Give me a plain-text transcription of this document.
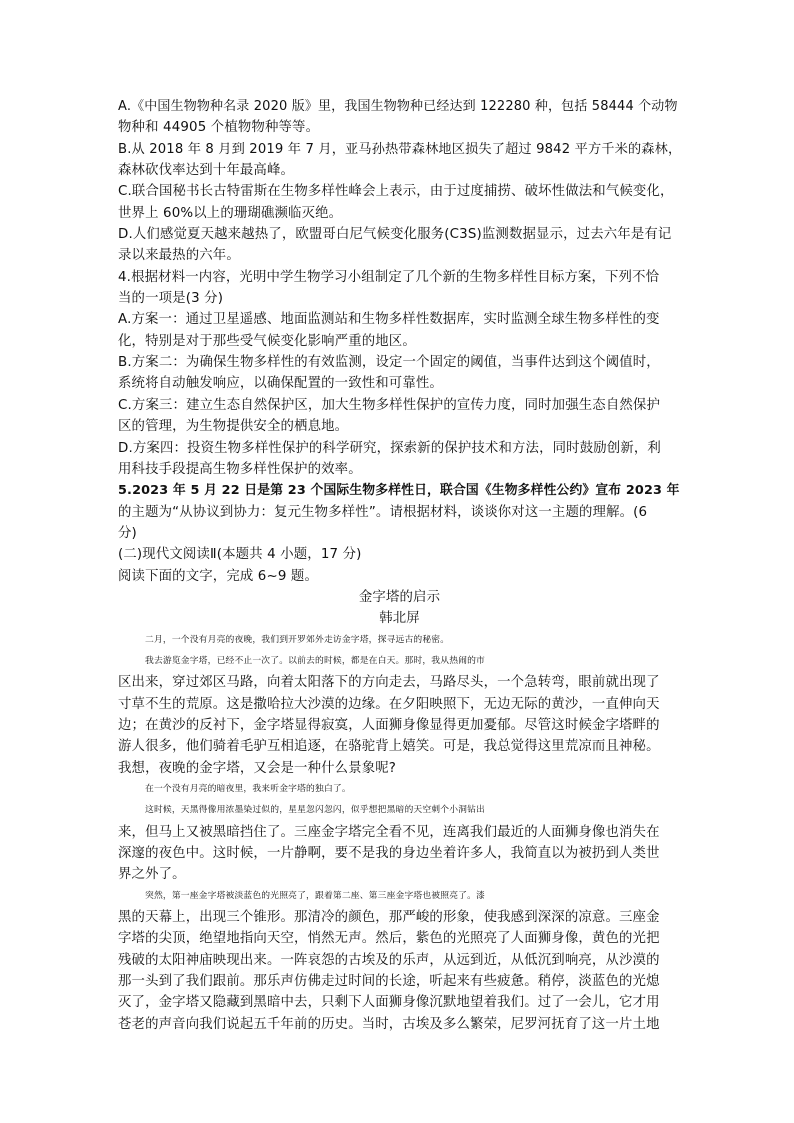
A.《中国生物物种名录 2020 版》里，我国生物物种已经达到 122280 种，包括 58444 个动物
物种和 44905 个植物物种等等。
B.从 2018 年 8 月到 2019 年 7 月，亚马孙热带森林地区损失了超过 9842 平方千米的森林，
森林砍伐率达到十年最高峰。
C.联合国秘书长古特雷斯在生物多样性峰会上表示，由于过度捕捞、破坏性做法和气候变化，
世界上 60%以上的珊瑚礁濒临灭绝。
D.人们感觉夏天越来越热了，欧盟哥白尼气候变化服务(C3S)监测数据显示，过去六年是有记
录以来最热的六年。
4.根据材料一内容，光明中学生物学习小组制定了几个新的生物多样性目标方案，下列不恰
当的一项是(3 分)
A.方案一：通过卫星遥感、地面监测站和生物多样性数据库，实时监测全球生物多样性的变
化，特别是对于那些受气候变化影响严重的地区。
B.方案二：为确保生物多样性的有效监测，设定一个固定的阈值，当事件达到这个阈值时，
系统将自动触发响应，以确保配置的一致性和可靠性。
C.方案三：建立生态自然保护区，加大生物多样性保护的宣传力度，同时加强生态自然保护
区的管理，为生物提供安全的栖息地。
D.方案四：投资生物多样性保护的科学研究，探索新的保护技术和方法，同时鼓励创新，利
用科技手段提高生物多样性保护的效率。
5.2023 年 5 月 22 日是第 23 个国际生物多样性日，联合国《生物多样性公约》宣布 2023 年
的主题为“从协议到协力：复元生物多样性”。请根据材料，谈谈你对这一主题的理解。(6
分)
(二)现代文阅读Ⅱ(本题共 4 小题，17 分)
阅读下面的文字，完成 6~9 题。
金字塔的启示
韩北屏
二月，一个没有月亮的夜晚，我们到开罗郊外走访金字塔，探寻远古的秘密。
我去游览金字塔，已经不止一次了。以前去的时候，都是在白天。那时，我从热闹的市
区出来，穿过郊区马路，向着太阳落下的方向走去，马路尽头，一个急转弯，眼前就出现了
寸草不生的荒原。这是撒哈拉大沙漠的边缘。在夕阳映照下，无边无际的黄沙，一直伸向天
边；在黄沙的反衬下，金字塔显得寂寞，人面狮身像显得更加憂郁。尽管这时候金字塔畔的
游人很多，他们骑着毛驴互相追逐，在骆驼背上嬉笑。可是，我总觉得这里荒凉而且神秘。
我想，夜晚的金字塔，又会是一种什么景象呢?
在一个没有月亮的暗夜里，我来听金字塔的独白了。
这时候，天黑得像用浓墨染过似的，星星忽闪忽闪，似乎想把黑暗的天空刺个小洞钻出
来，但马上又被黑暗挡住了。三座金字塔完全看不见，连离我们最近的人面狮身像也消失在
深邃的夜色中。这时候，一片静啊，要不是我的身边坐着许多人，我简直以为被扔到人类世
界之外了。
突然，第一座金字塔被淡蓝色的光照亮了，跟着第二座、第三座金字塔也被照亮了。漆
黑的天幕上，出现三个锥形。那清冷的颜色，那严峻的形象，使我感到深深的凉意。三座金
字塔的尖顶，绝望地指向天空，悄然无声。然后，紫色的光照亮了人面狮身像，黄色的光把
残破的太阳神庙映现出来。一阵哀怨的古埃及的乐声，从远到近，从低沉到响亮，从沙漠的
那一头到了我们跟前。那乐声仿佛走过时间的长途，听起来有些疲惫。稍停，淡蓝色的光熄
灭了，金字塔又隐藏到黑暗中去，只剩下人面狮身像沉默地望着我们。过了一会儿，它才用
苍老的声音向我们说起五千年前的历史。当时，古埃及多么繁荣，尼罗河抚育了这一片土地
